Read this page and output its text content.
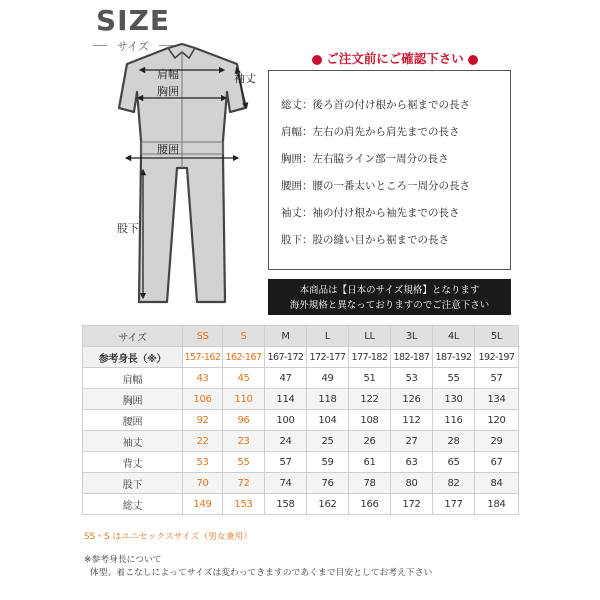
SIZE
サイズ
肩幅
胸囲
袖丈
腰囲
股下
ご注文前にご確認下さい
総丈：後ろ首の付け根から裾までの長さ
肩幅：左右の肩先から肩先までの長さ
胸囲：左右脇ライン部一周分の長さ
腰囲：腰の一番太いところ一周分の長さ
袖丈：袖の付け根から袖先までの長さ
股下：股の縫い目から裾までの長さ
本商品は【日本のサイズ規格】となります
海外規格と異なっておりますのでご注意下さい
サイズ	SS	S	M	L	LL	3L	4L	5L
参考身長（※）	157-162	162-167	167-172	172-177	177-182	182-187	187-192	192-197
肩幅	43	45	47	49	51	53	55	57
胸囲	106	110	114	118	122	126	130	134
腰囲	92	96	100	104	108	112	116	120
袖丈	22	23	24	25	26	27	28	29
背丈	53	55	57	59	61	63	65	67
股下	70	72	74	76	78	80	82	84
総丈	149	153	158	162	166	172	177	184
SS・S はユニセックスサイズ（男女兼用）
※参考身長について
体型、着こなしによってサイズは変わってきますのであくまで目安としてお考え下さい
